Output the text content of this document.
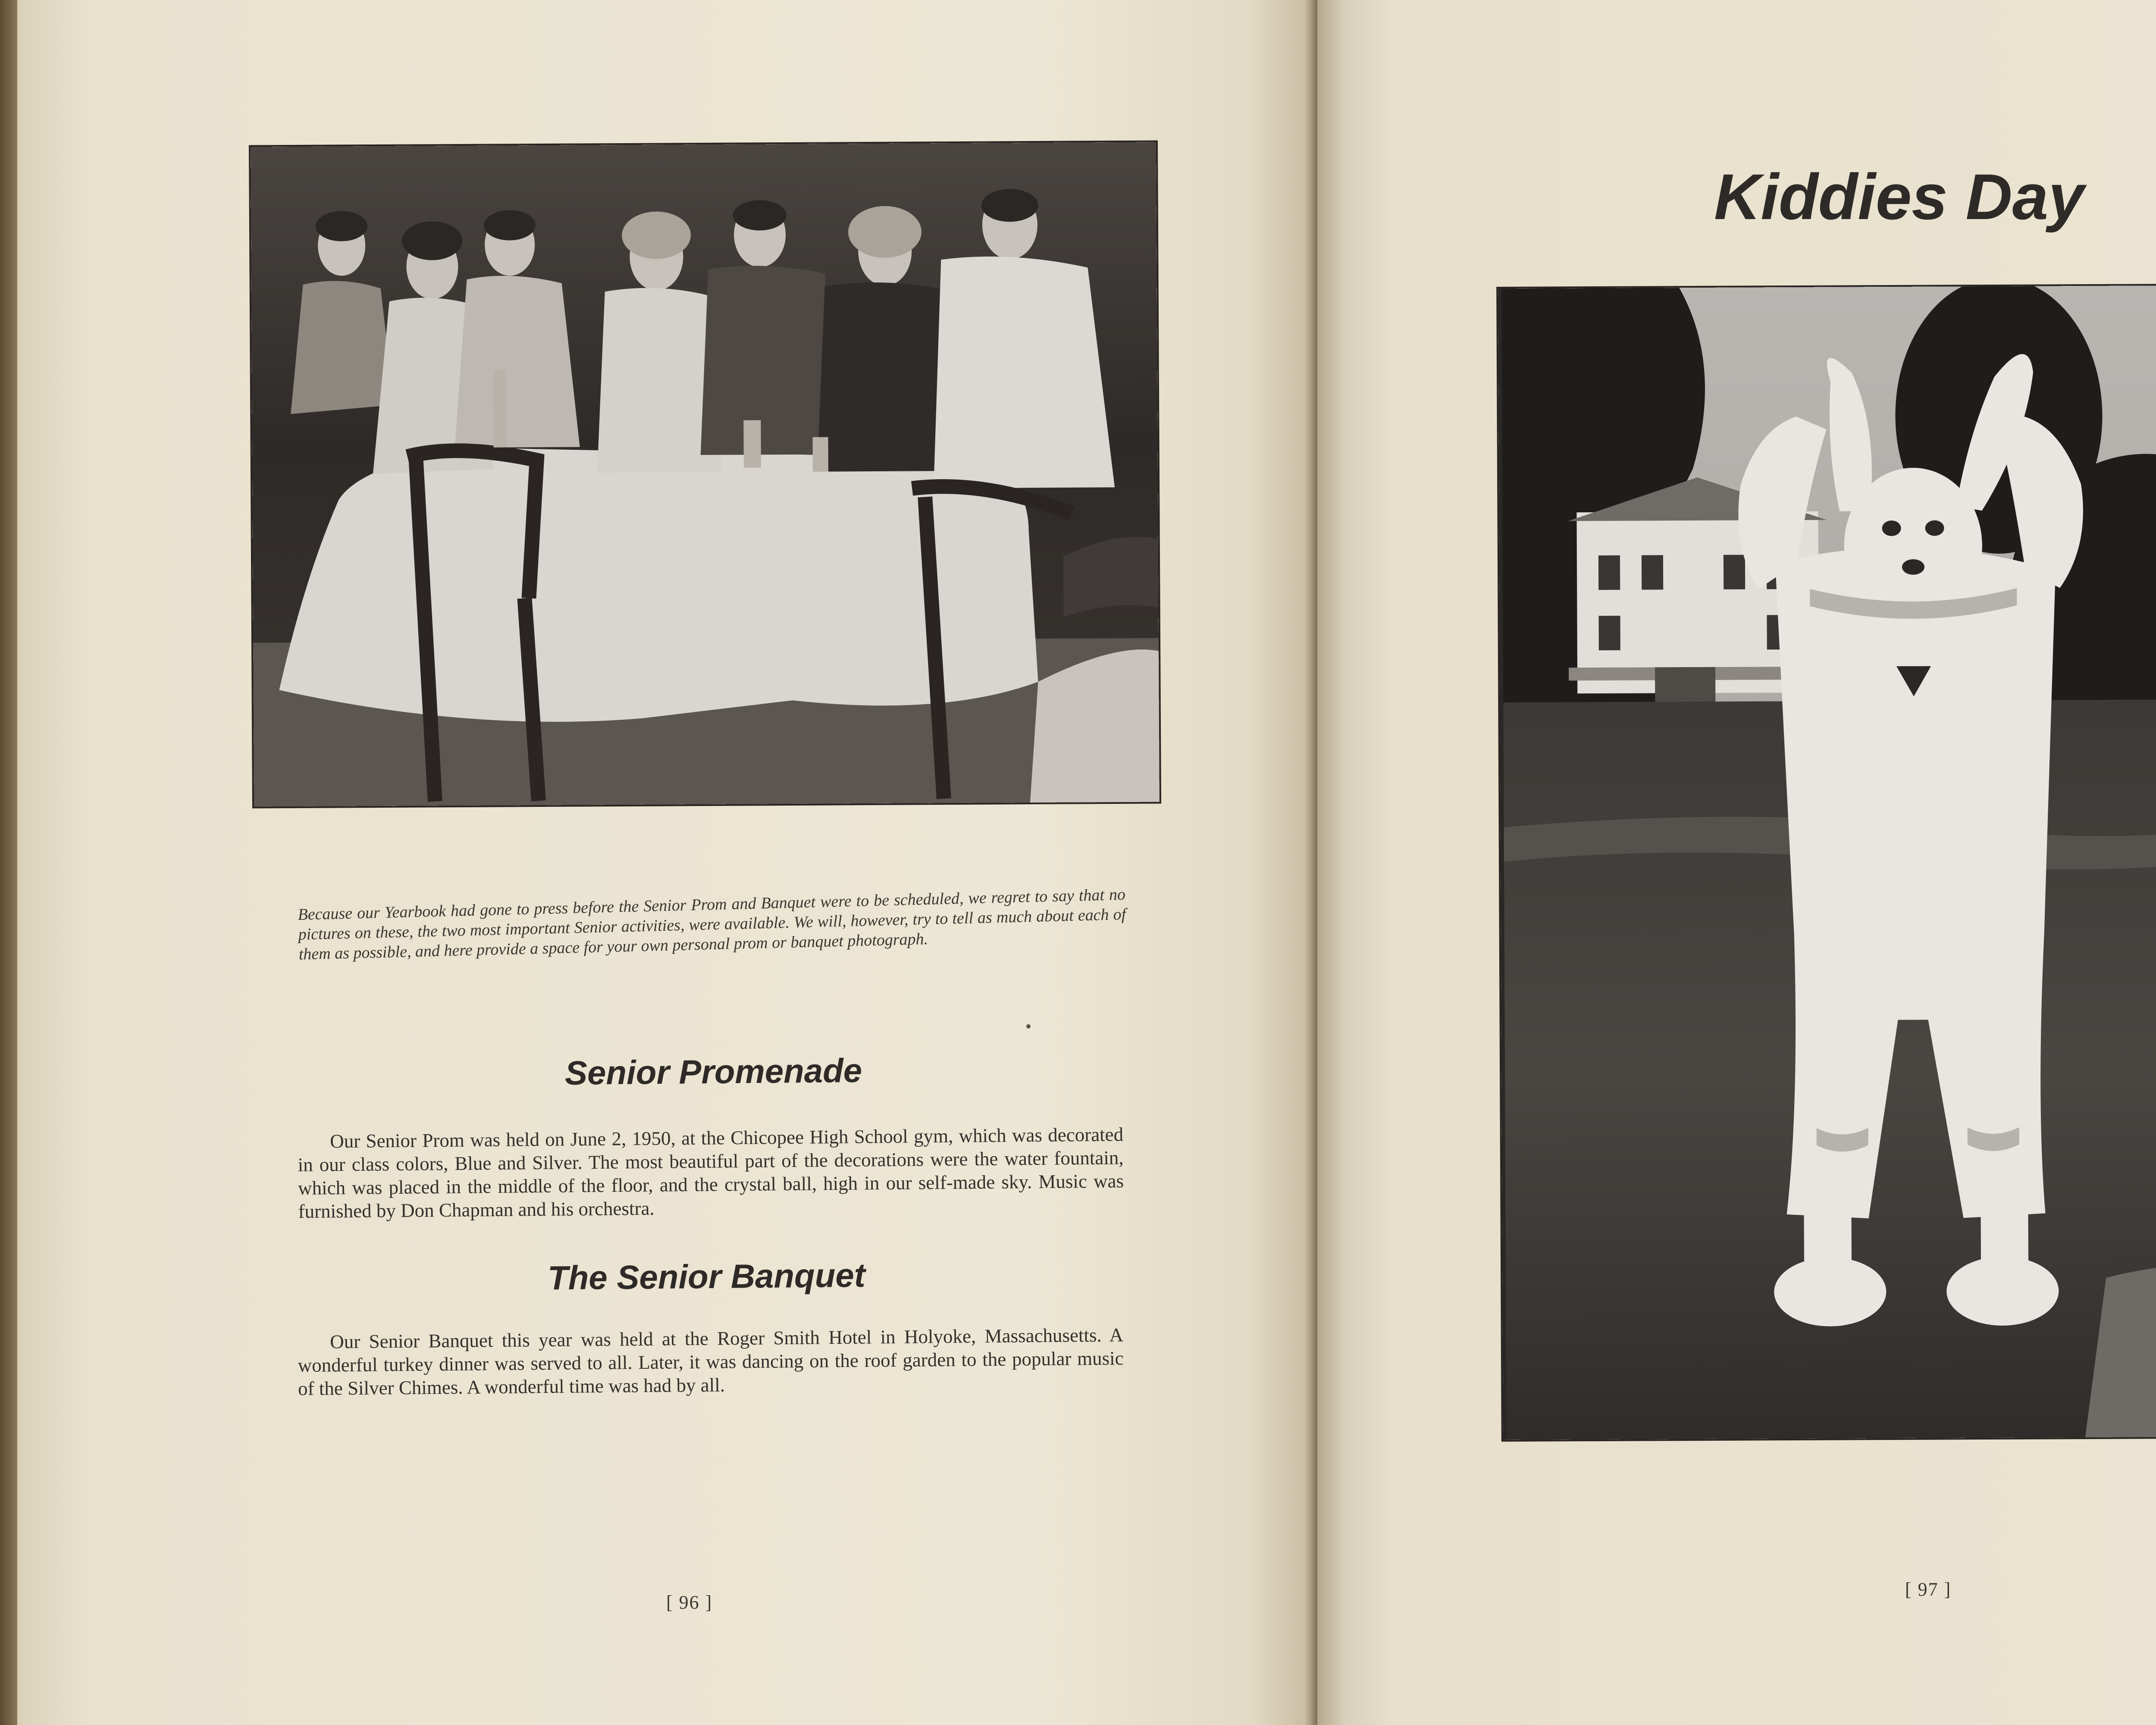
Because our Yearbook had gone to press before the Senior Prom and Banquet were to be scheduled, we regret to say that no pictures on these, the two most important Senior activities, were available. We will, however, try to tell as much about each of them as possible, and here provide a space for your own personal prom or banquet photograph.

Senior Promenade

Our Senior Prom was held on June 2, 1950, at the Chicopee High School gym, which was decorated in our class colors, Blue and Silver. The most beautiful part of the decorations were the water fountain, which was placed in the middle of the floor, and the crystal ball, high in our self-made sky. Music was furnished by Don Chapman and his orchestra.

The Senior Banquet

Our Senior Banquet this year was held at the Roger Smith Hotel in Holyoke, Massachusetts. A wonderful turkey dinner was served to all. Later, it was dancing on the roof garden to the popular music of the Silver Chimes. A wonderful time was had by all.

[ 96 ]
Kiddies Day
[ 97 ]
